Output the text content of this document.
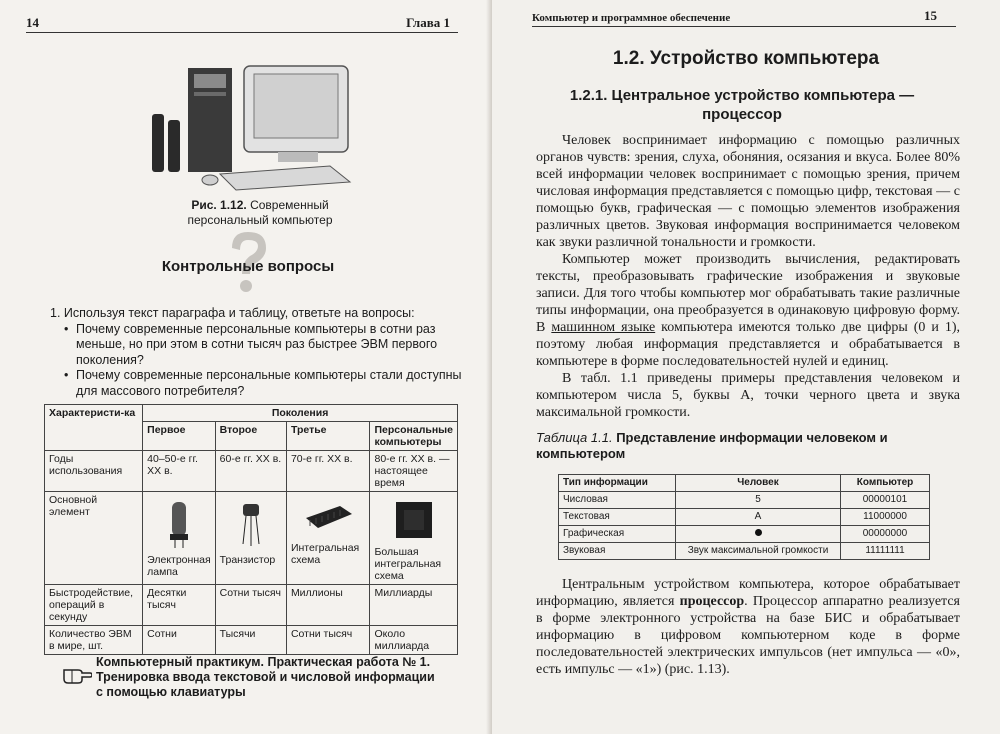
14	Глава 1
Рис. 1.12. Современный персональный компьютер
Контрольные вопросы
1. Используя текст параграфа и таблицу, ответьте на вопросы:
• Почему современные персональные компьютеры в сотни раз меньше, но при этом в сотни тысяч раз быстрее ЭВМ первого поколения?
• Почему современные персональные компьютеры стали доступны для массового потребителя?
Характеристи-ка	Поколения			
	Первое	Второе	Третье	Персональные компьютеры
Годы использования	40–50-е гг. XX в.	60-е гг. XX в.	70-е гг. XX в.	80-е гг. XX в. — настоящее время
Основной элемент	Электронная лампа	Транзистор	Интегральная схема	Большая интегральная схема
Быстродействие, операций в секунду	Десятки тысяч	Сотни тысяч	Миллионы	Миллиарды
Количество ЭВМ в мире, шт.	Сотни	Тысячи	Сотни тысяч	Около миллиарда
Компьютерный практикум. Практическая работа № 1. Тренировка ввода текстовой и числовой информации с помощью клавиатуры
Компьютер и программное обеспечение	15
1.2. Устройство компьютера
1.2.1. Центральное устройство компьютера — процессор

Человек воспринимает информацию с помощью различных органов чувств: зрения, слуха, обоняния, осязания и вкуса. Более 80% всей информации человек воспринимает с помощью зрения, причем числовая информация представляется с помощью цифр, текстовая — с помощью букв, графическая — с помощью элементов изображения различных цветов. Звуковая информация воспринимается человеком как звуки различной тональности и громкости.

Компьютер может производить вычисления, редактировать тексты, преобразовывать графические изображения и звуковые записи. Для того чтобы компьютер мог обрабатывать такие различные типы информации, она преобразуется в одинаковую цифровую форму. В машинном языке компьютера имеются только две цифры (0 и 1), поэтому любая информация представляется и обрабатывается в компьютере в форме последовательностей нулей и единиц.

В табл. 1.1 приведены примеры представления человеком и компьютером числа 5, буквы А, точки черного цвета и звука максимальной громкости.

Таблица 1.1. Представление информации человеком и компьютером
Тип информации	Человек	Компьютер
Числовая	5	00000101
Текстовая	А	11000000
Графическая		00000000
Звуковая	Звук максимальной громкости	11111111

Центральным устройством компьютера, которое обрабатывает информацию, является процессор. Процессор аппаратно реализуется в форме электронного устройства на базе БИС и обрабатывает информацию в цифровом компьютерном коде в форме последовательностей электрических импульсов (нет импульса — «0», есть импульс — «1») (рис. 1.13).
